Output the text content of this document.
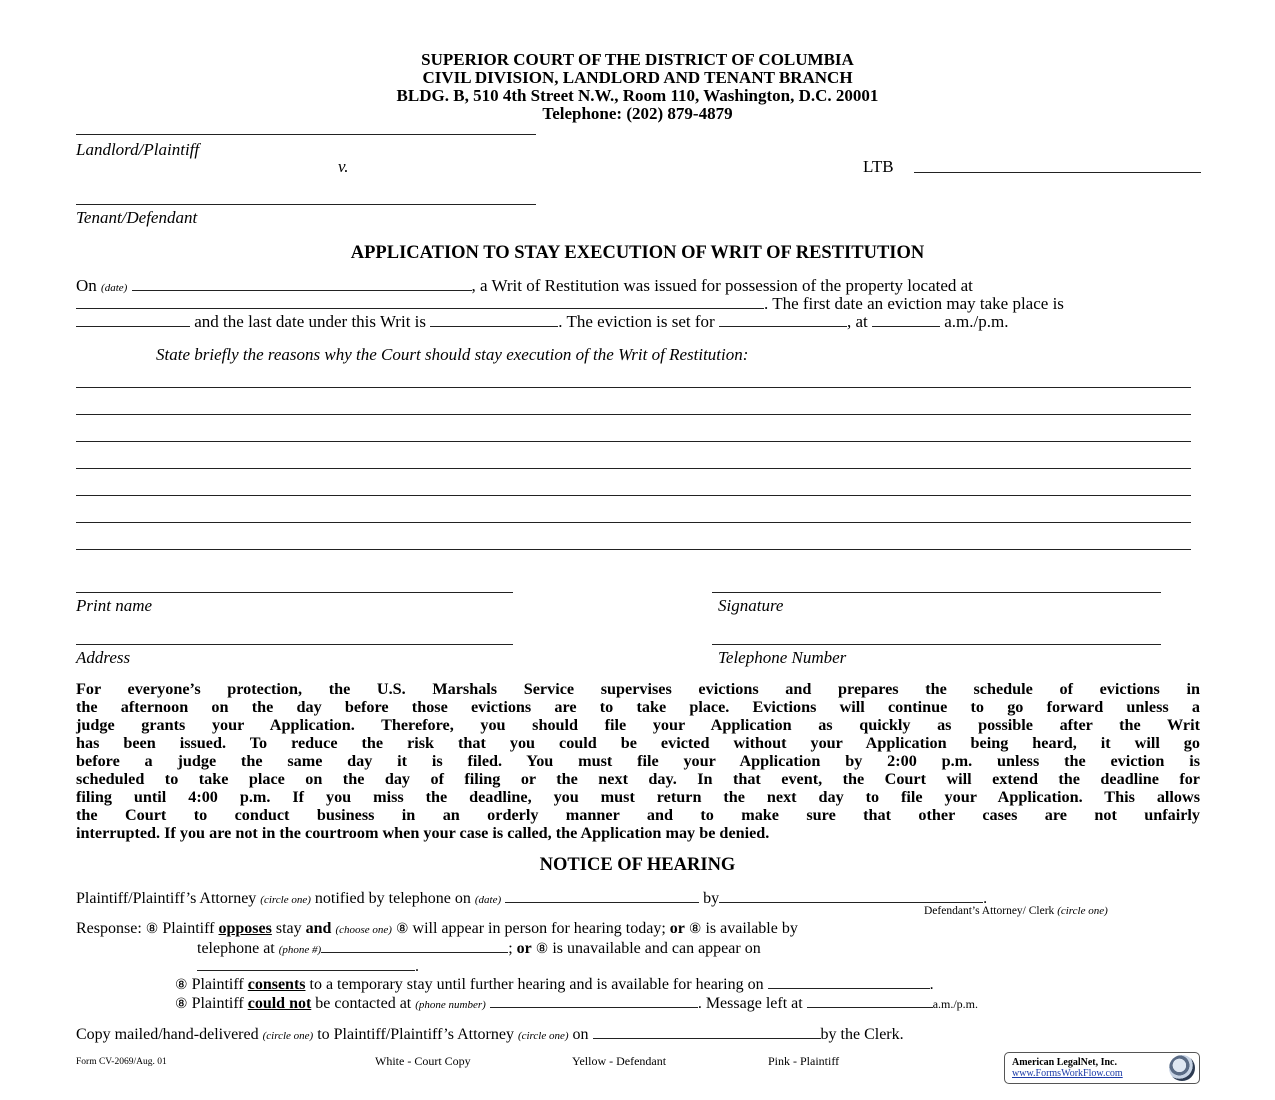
SUPERIOR COURT OF THE DISTRICT OF COLUMBIA
CIVIL DIVISION, LANDLORD AND TENANT BRANCH
BLDG. B, 510 4th Street N.W., Room 110, Washington, D.C. 20001
Telephone: (202) 879-4879
Landlord/Plaintiff
v.	LTB
Tenant/Defendant
APPLICATION TO STAY EXECUTION OF WRIT OF RESTITUTION
On (date)	, a Writ of Restitution was issued for possession of the property located at
. The first date an eviction may take place is
and the last date under this Writ is	. The eviction is set for	, at	a.m./p.m.
State briefly the reasons why the Court should stay execution of the Writ of Restitution:
Print name	Signature
Address	Telephone Number
For everyone’s protection, the U.S. Marshals Service supervises evictions and prepares the schedule of evictions in
the afternoon on the day before those evictions are to take place. Evictions will continue to go forward unless a
judge grants your Application. Therefore, you should file your Application as quickly as possible after the Writ
has been issued. To reduce the risk that you could be evicted without your Application being heard, it will go
before a judge the same day it is filed. You must file your Application by 2:00 p.m. unless the eviction is
scheduled to take place on the day of filing or the next day. In that event, the Court will extend the deadline for
filing until 4:00 p.m. If you miss the deadline, you must return the next day to file your Application. This allows
the Court to conduct business in an orderly manner and to make sure that other cases are not unfairly
interrupted. If you are not in the courtroom when your case is called, the Application may be denied.
NOTICE OF HEARING
Plaintiff/Plaintiff’s Attorney (circle one) notified by telephone on (date)	by	.
Defendant’s Attorney/ Clerk (circle one)
Response: ⑧ Plaintiff opposes stay and (choose one) ⑧ will appear in person for hearing today; or ⑧ is available by
telephone at (phone #)	; or ⑧ is unavailable and can appear on
.
⑧ Plaintiff consents to a temporary stay until further hearing and is available for hearing on	.
⑧ Plaintiff could not be contacted at (phone number)	. Message left at	a.m./p.m.
Copy mailed/hand-delivered (circle one) to Plaintiff/Plaintiff’s Attorney (circle one) on	by the Clerk.
Form CV-2069/Aug. 01	White - Court Copy	Yellow - Defendant	Pink - Plaintiff	American LegalNet, Inc.
www.FormsWorkFlow.com
